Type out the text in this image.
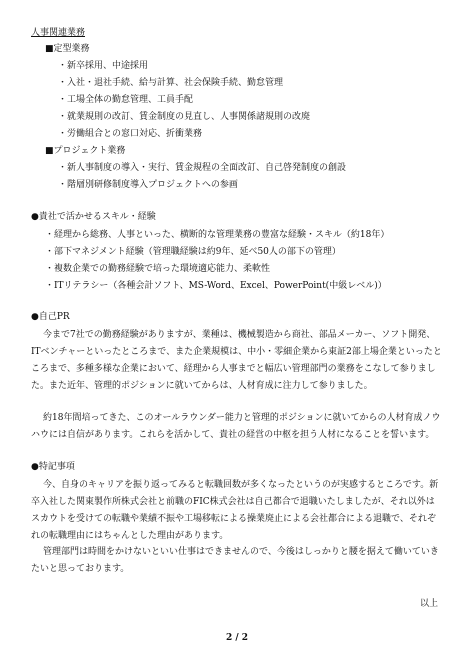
人事関連業務
■定型業務
・新卒採用、中途採用
・入社・退社手続、給与計算、社会保険手続、勤怠管理
・工場全体の勤怠管理、工員手配
・就業規則の改訂、賃金制度の見直し、人事関係諸規則の改廃
・労働組合との窓口対応、折衝業務
■プロジェクト業務
・新人事制度の導入・実行、賃金規程の全面改訂、自己啓発制度の創設
・階層別研修制度導入プロジェクトへの参画
●貴社で活かせるスキル・経験
・経理から総務、人事といった、横断的な管理業務の豊富な経験・スキル（約18年）
・部下マネジメント経験（管理職経験は約9年、延べ50人の部下の管理）
・複数企業での勤務経験で培った環境適応能力、柔軟性
・ITリテラシー（各種会計ソフト、MS-Word、Excel、PowerPoint(中級レベル)）
●自己PR
今まで7社での勤務経験がありますが、業種は、機械製造から商社、部品メーカー、ソフト開発、ITベンチャーといったところまで、また企業規模は、中小・零細企業から東証2部上場企業といったところまで、多種多様な企業において、経理から人事までと幅広い管理部門の業務をこなして参りました。また近年、管理的ポジションに就いてからは、人材育成に注力して参りました。
約18年間培ってきた、このオールラウンダー能力と管理的ポジションに就いてからの人材育成ノウハウには自信があります。これらを活かして、貴社の経営の中枢を担う人材になることを誓います。
●特記事項
今、自身のキャリアを振り返ってみると転職回数が多くなったというのが実感するところです。新卒入社した関東製作所株式会社と前職のFIC株式会社は自己都合で退職いたしましたが、それ以外はスカウトを受けての転職や業績不振や工場移転による操業廃止による会社都合による退職で、それぞれの転職理由にはちゃんとした理由があります。
管理部門は時間をかけないといい仕事はできませんので、今後はしっかりと腰を据えて働いていきたいと思っております。
以上
2 / 2
